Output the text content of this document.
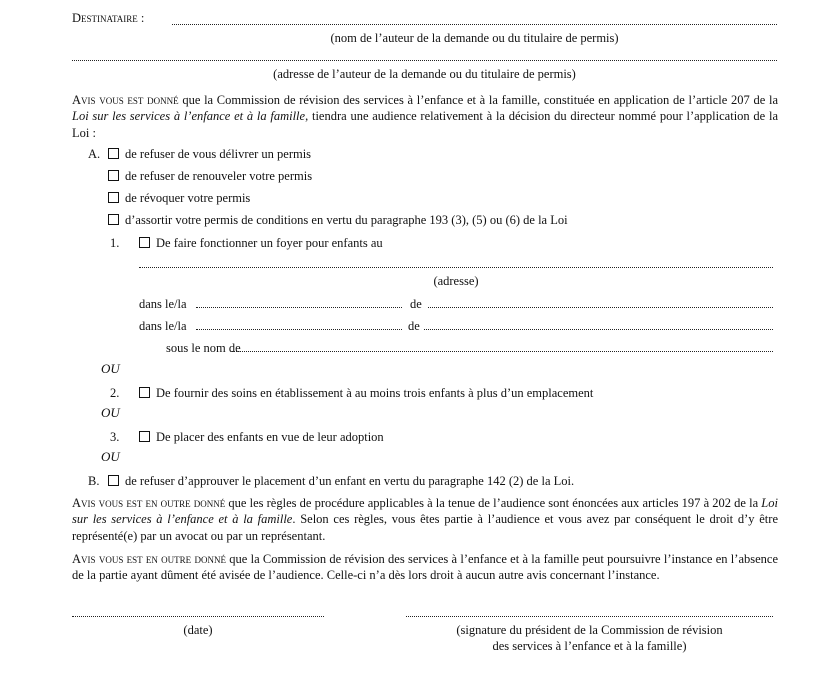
Destinataire :
(nom de l’auteur de la demande ou du titulaire de permis)
(adresse de l’auteur de la demande ou du titulaire de permis)
Avis vous est donné que la Commission de révision des services à l’enfance et à la famille, constituée en application de l’article 207 de la Loi sur les services à l’enfance et à la famille, tiendra une audience relativement à la décision du directeur nommé pour l’application de la Loi :
A.	de refuser de vous délivrer un permis
de refuser de renouveler votre permis
de révoquer votre permis
d’assortir votre permis de conditions en vertu du paragraphe 193 (3), (5) ou (6) de la Loi
1.	De faire fonctionner un foyer pour enfants au
(adresse)
dans le/la	de
dans le/la	de
sous le nom de
OU
2.	De fournir des soins en établissement à au moins trois enfants à plus d’un emplacement
OU
3.	De placer des enfants en vue de leur adoption
OU
B.	de refuser d’approuver le placement d’un enfant en vertu du paragraphe 142 (2) de la Loi.
Avis vous est en outre donné que les règles de procédure applicables à la tenue de l’audience sont énoncées aux articles 197 à 202 de la Loi sur les services à l’enfance et à la famille. Selon ces règles, vous êtes partie à l’audience et vous avez par conséquent le droit d’y être représenté(e) par un avocat ou par un représentant.
Avis vous est en outre donné que la Commission de révision des services à l’enfance et à la famille peut poursuivre l’instance en l’absence de la partie ayant dûment été avisée de l’audience. Celle-ci n’a dès lors droit à aucun autre avis concernant l’instance.
(date)	(signature du président de la Commission de révision
des services à l’enfance et à la famille)
